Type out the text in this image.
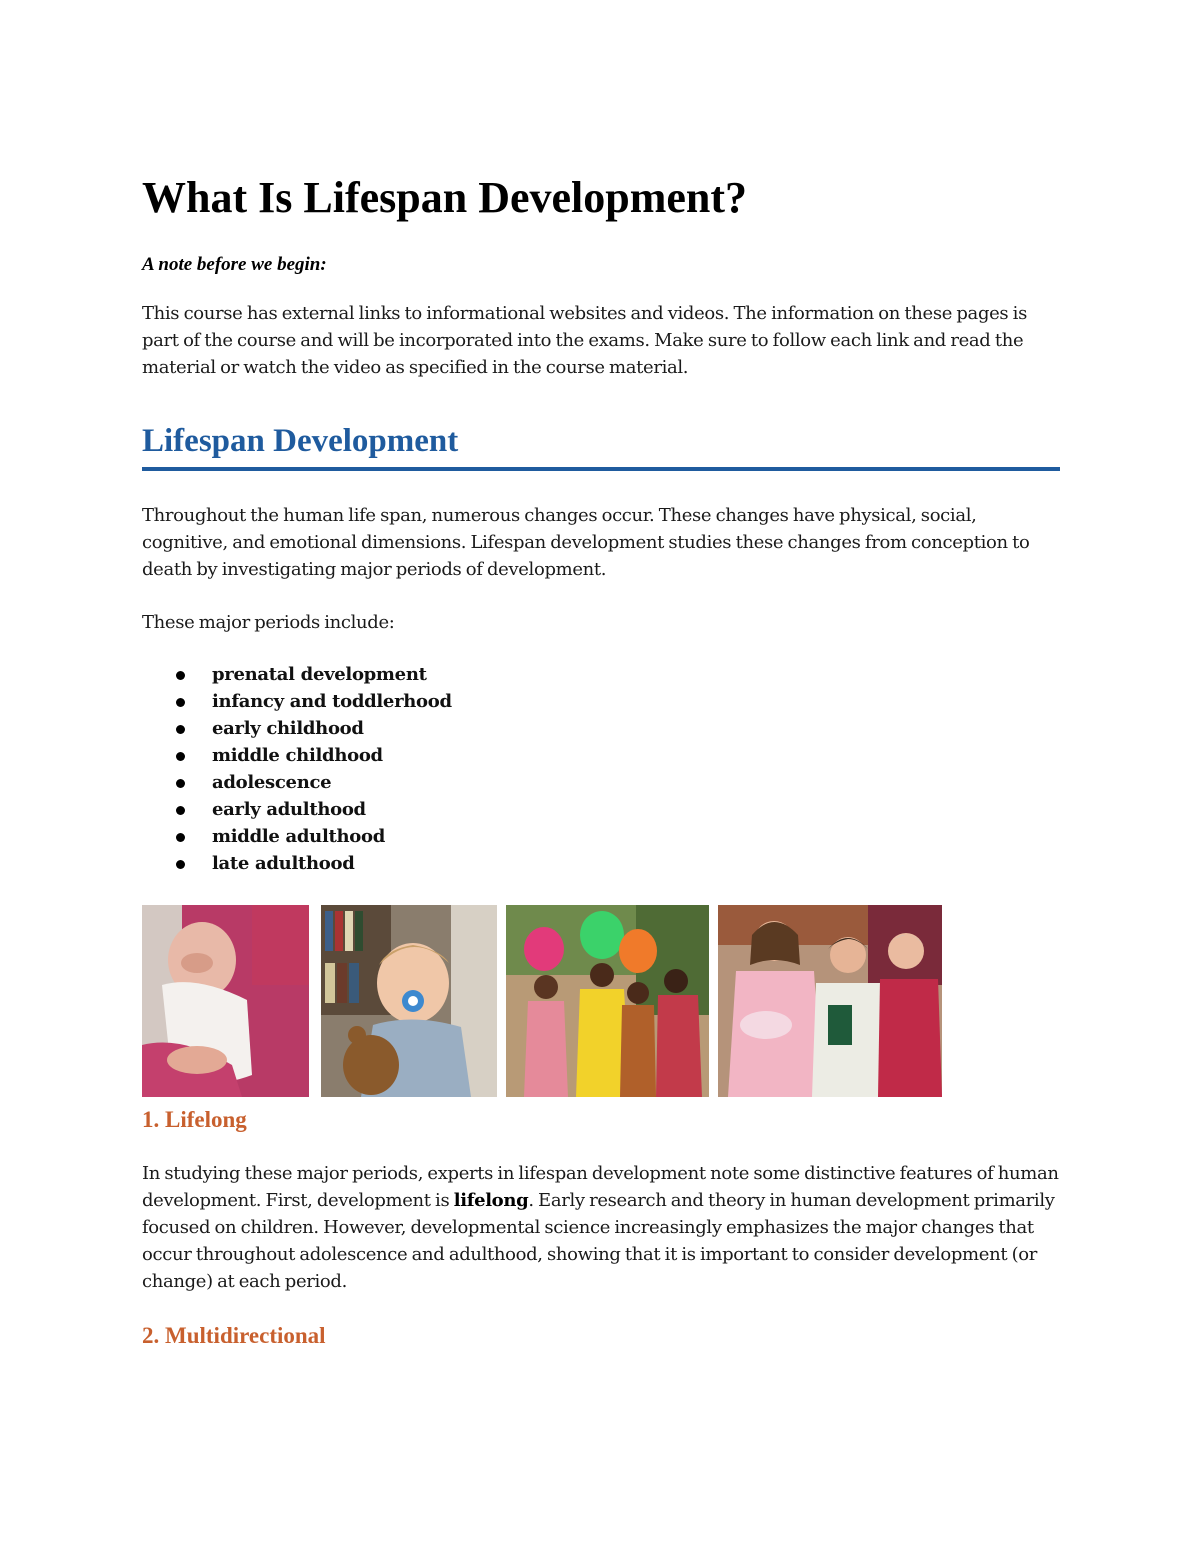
What Is Lifespan Development?

A note before we begin:

This course has external links to informational websites and videos. The information on these pages is part of the course and will be incorporated into the exams. Make sure to follow each link and read the material or watch the video as specified in the course material.

Lifespan Development

Throughout the human life span, numerous changes occur. These changes have physical, social, cognitive, and emotional dimensions. Lifespan development studies these changes from conception to death by investigating major periods of development.

These major periods include:

prenatal development
infancy and toddlerhood
early childhood
middle childhood
adolescence
early adulthood
middle adulthood
late adulthood
1. Lifelong

In studying these major periods, experts in lifespan development note some distinctive features of human development. First, development is lifelong. Early research and theory in human development primarily focused on children. However, developmental science increasingly emphasizes the major changes that occur throughout adolescence and adulthood, showing that it is important to consider development (or change) at each period.

2. Multidirectional
